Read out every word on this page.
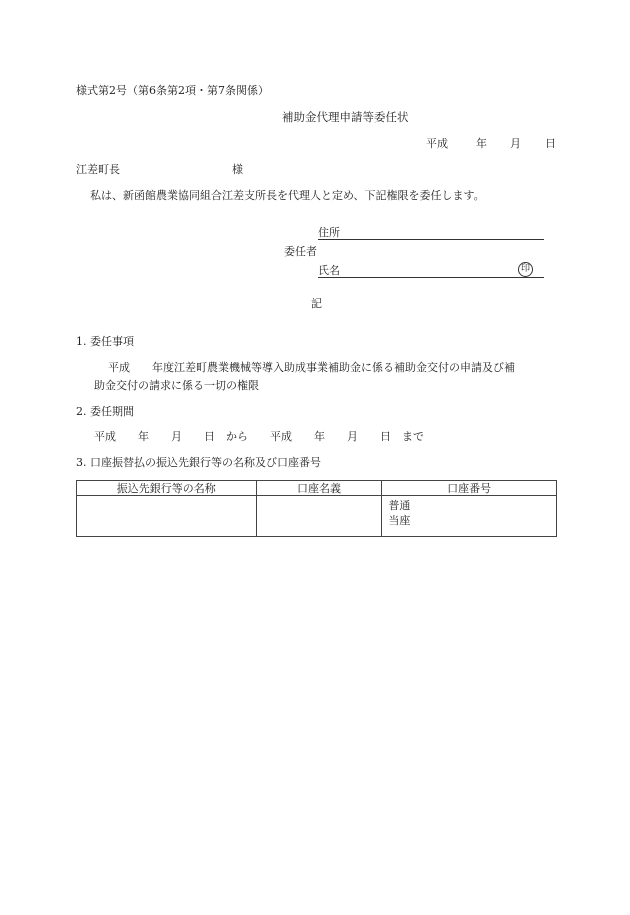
様式第2号（第6条第2項・第7条関係）
補助金代理申請等委任状
平成	年 月 日
江差町長	様
私は、新函館農業協同組合江差支所長を代理人と定め、下記権限を委任します。
住所
委任者
氏名	印
記
1. 委任事項
平成　　年度江差町農業機械等導入助成事業補助金に係る補助金交付の申請及び補
助金交付の請求に係る一切の権限
2. 委任期間
平成　　年　　月　　日　から　　平成　　年　　月　　日　まで
3. 口座振替払の振込先銀行等の名称及び口座番号
振込先銀行等の名称	口座名義	口座番号

		普通
当座
